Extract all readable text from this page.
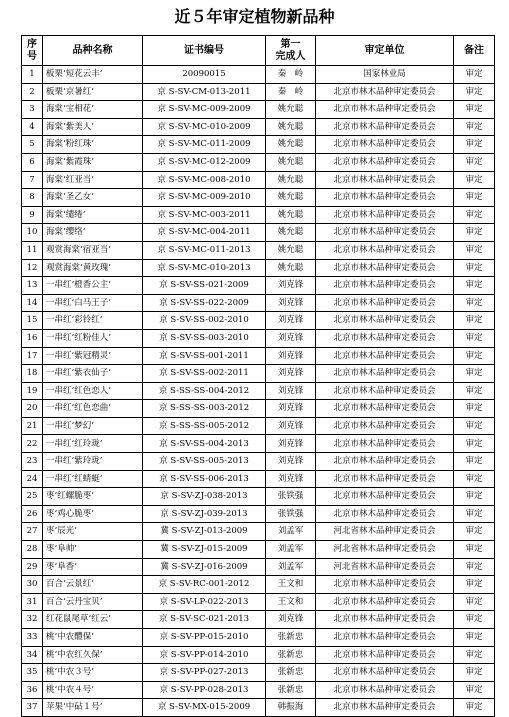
近５年审定植物新品种
序
号	品种名称	证书编号	第一
完成人	审定单位	备注
1	板栗‘短花云丰’	20090015	秦　岭	国家林业局	审定
2	板栗‘京暑红’	京 S-SV-CM-013-2011	秦　岭	北京市林木品种审定委员会	审定
3	海棠‘宝相花’	京 S-SV-MC-009-2009	姚允聪	北京市林木品种审定委员会	审定
4	海棠‘紫美人’	京 S-SV-MC-010-2009	姚允聪	北京市林木品种审定委员会	审定
5	海棠‘粉红珠’	京 S-SV-MC-011-2009	姚允聪	北京市林木品种审定委员会	审定
6	海棠‘紫霞珠’	京 S-SV-MC-012-2009	姚允聪	北京市林木品种审定委员会	审定
7	海棠‘红亚当’	京 S-SV-MC-008-2010	姚允聪	北京市林木品种审定委员会	审定
8	海棠‘圣乙女’	京 S-SV-MC-009-2010	姚允聪	北京市林木品种审定委员会	审定
9	海棠‘缱绻’	京 S-SV-MC-003-2011	姚允聪	北京市林木品种审定委员会	审定
10	海棠‘缨络’	京 S-SV-MC-004-2011	姚允聪	北京市林木品种审定委员会	审定
11	观赏海棠‘宿亚当’	京 S-SV-MC-011-2013	姚允聪	北京市林木品种审定委员会	审定
12	观赏海棠‘黄玫瑰’	京 S-SV-MC-010-2013	姚允聪	北京市林木品种审定委员会	审定
13	一串红‘橙香公主’	京 S-SV-SS-021-2009	刘克锋	北京市林木品种审定委员会	审定
14	一串红‘白马王子’	京 S-SV-SS-022-2009	刘克锋	北京市林木品种审定委员会	审定
15	一串红‘彩铃红’	京 S-SV-SS-002-2010	刘克锋	北京市林木品种审定委员会	审定
16	一串红‘红粉佳人’	京 S-SV-SS-003-2010	刘克锋	北京市林木品种审定委员会	审定
17	一串红‘紫冠精灵’	京 S-SV-SS-001-2011	刘克锋	北京市林木品种审定委员会	审定
18	一串红‘紫衣仙子’	京 S-SV-SS-002-2011	刘克锋	北京市林木品种审定委员会	审定
19	一串红‘红色恋人’	京 S-SS-SS-004-2012	刘克锋	北京市林木品种审定委员会	审定
20	一串红‘红色恋曲’	京 S-SS-SS-003-2012	刘克锋	北京市林木品种审定委员会	审定
21	一串红‘梦幻’	京 S-SS-SS-005-2012	刘克锋	北京市林木品种审定委员会	审定
22	一串红‘红玲珑’	京 S-SV-SS-004-2013	刘克锋	北京市林木品种审定委员会	审定
23	一串红‘紫玲珑’	京 S-SV-SS-005-2013	刘克锋	北京市林木品种审定委员会	审定
24	一串红‘红蜻蜓’	京 S-SV-SS-006-2013	刘克锋	北京市林木品种审定委员会	审定
25	枣‘红螺脆枣’	京 S-SV-ZJ-038-2013	张铁强	北京市林木品种审定委员会	审定
26	枣‘鸡心脆枣’	京 S-SV-ZJ-039-2013	张铁强	北京市林木品种审定委员会	审定
27	枣‘辰光’	冀 S-SV-ZJ-013-2009	刘孟军	河北省林木品种审定委员会	审定
28	枣‘阜帅’	冀 S-SV-ZJ-015-2009	刘孟军	河北省林木品种审定委员会	审定
29	枣‘阜香’	冀 S-SV-ZJ-016-2009	刘孟军	河北省林木品种审定委员会	审定
30	百合‘云景红’	京 S-SV-RC-001-2012	王文和	北京市林木品种审定委员会	审定
31	百合‘云丹宝贝’	京 S-SV-LP-022-2013	王文和	北京市林木品种审定委员会	审定
32	红花鼠尾草‘红云’	京 S-SV-SC-021-2013	刘克锋	北京市林木品种审定委员会	审定
33	桃‘中农醴保’	京 S-SV-PP-015-2010	张新忠	北京市林木品种审定委员会	审定
34	桃‘中农红久保’	京 S-SV-PP-014-2010	张新忠	北京市林木品种审定委员会	审定
35	桃‘中农３号’	京 S-SV-PP-027-2013	张新忠	北京市林木品种审定委员会	审定
36	桃‘中农４号’	京 S-SV-PP-028-2013	张新忠	北京市林木品种审定委员会	审定
37	苹果‘中砧１号’	京 S-SV-MX-015-2009	韩振海	北京市林木品种审定委员会	审定
